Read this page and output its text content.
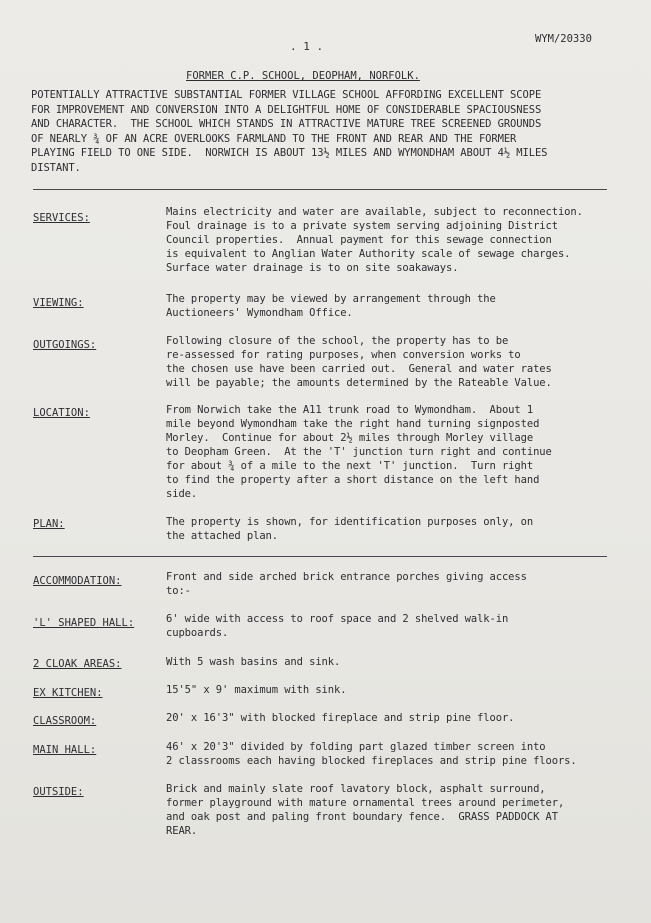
WYM/20330
. 1 .
FORMER C.P. SCHOOL, DEOPHAM, NORFOLK.
POTENTIALLY ATTRACTIVE SUBSTANTIAL FORMER VILLAGE SCHOOL AFFORDING EXCELLENT SCOPE
FOR IMPROVEMENT AND CONVERSION INTO A DELIGHTFUL HOME OF CONSIDERABLE SPACIOUSNESS
AND CHARACTER.  THE SCHOOL WHICH STANDS IN ATTRACTIVE MATURE TREE SCREENED GROUNDS
OF NEARLY ¾ OF AN ACRE OVERLOOKS FARMLAND TO THE FRONT AND REAR AND THE FORMER
PLAYING FIELD TO ONE SIDE.  NORWICH IS ABOUT 13½ MILES AND WYMONDHAM ABOUT 4½ MILES
DISTANT.
SERVICES:	Mains electricity and water are available, subject to reconnection.
Foul drainage is to a private system serving adjoining District
Council properties.  Annual payment for this sewage connection
is equivalent to Anglian Water Authority scale of sewage charges.
Surface water drainage is to on site soakaways.
VIEWING:	The property may be viewed by arrangement through the
Auctioneers' Wymondham Office.
OUTGOINGS:	Following closure of the school, the property has to be
re-assessed for rating purposes, when conversion works to
the chosen use have been carried out.  General and water rates
will be payable; the amounts determined by the Rateable Value.
LOCATION:	From Norwich take the A11 trunk road to Wymondham.  About 1
mile beyond Wymondham take the right hand turning signposted
Morley.  Continue for about 2½ miles through Morley village
to Deopham Green.  At the 'T' junction turn right and continue
for about ¾ of a mile to the next 'T' junction.  Turn right
to find the property after a short distance on the left hand
side.
PLAN:	The property is shown, for identification purposes only, on
the attached plan.
ACCOMMODATION:	Front and side arched brick entrance porches giving access
to:-
'L' SHAPED HALL:	6' wide with access to roof space and 2 shelved walk-in
cupboards.
2 CLOAK AREAS:	With 5 wash basins and sink.
EX KITCHEN:	15'5" x 9' maximum with sink.
CLASSROOM:	20' x 16'3" with blocked fireplace and strip pine floor.
MAIN HALL:	46' x 20'3" divided by folding part glazed timber screen into
2 classrooms each having blocked fireplaces and strip pine floors.
OUTSIDE:	Brick and mainly slate roof lavatory block, asphalt surround,
former playground with mature ornamental trees around perimeter,
and oak post and paling front boundary fence.  GRASS PADDOCK AT
REAR.
